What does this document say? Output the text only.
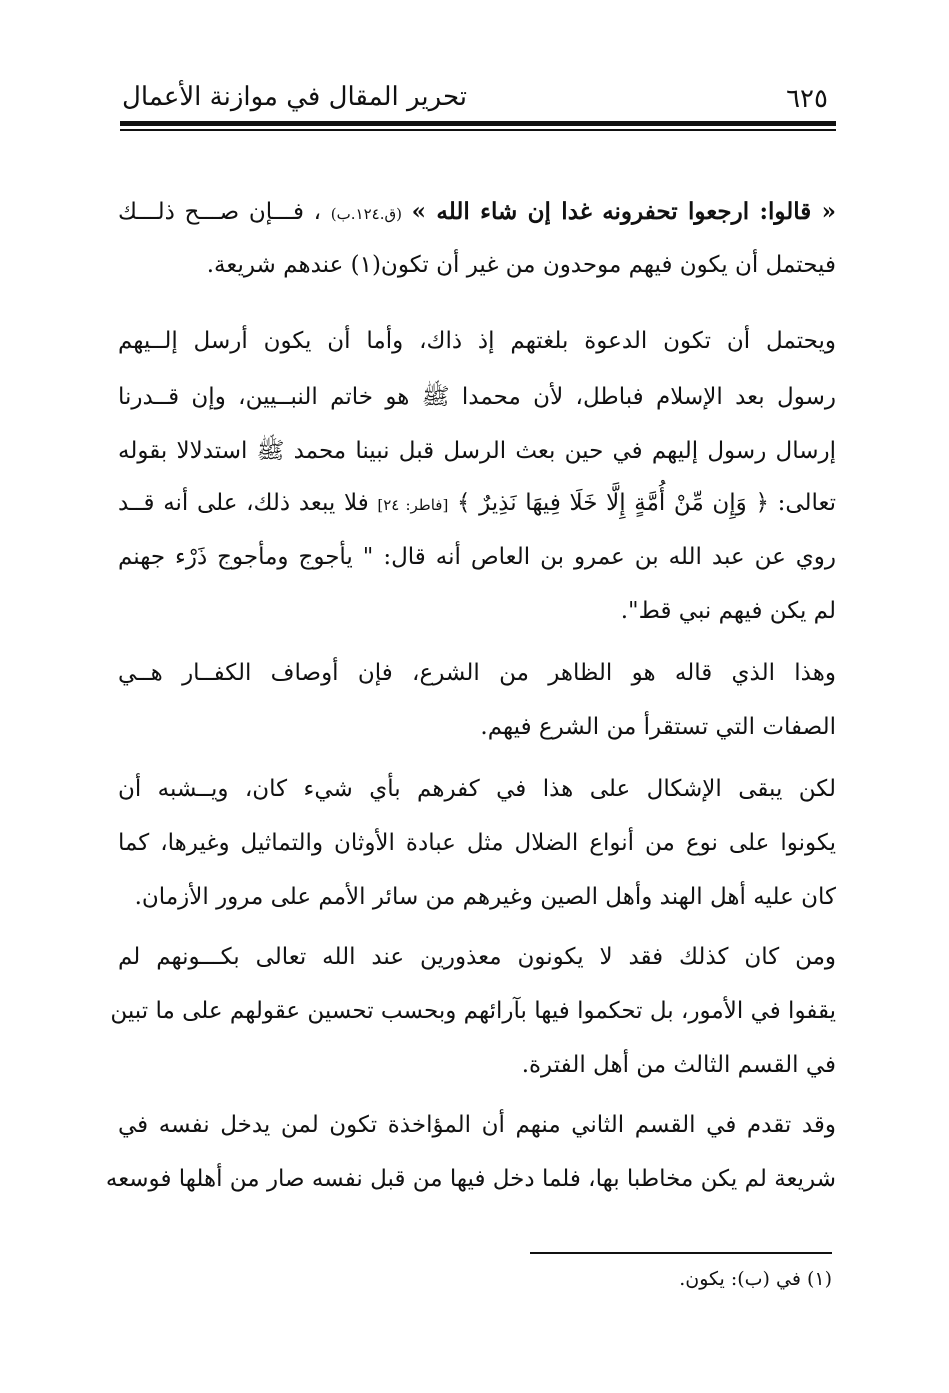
٦٢٥
تحرير المقال في موازنة الأعمال
« قالوا: ارجعوا تحفرونه غدا إن شاء الله » (ق.١٢٤.ب) ، فـــإن صـــح ذلـــك
فيحتمل أن يكون فيهم موحدون من غير أن تكون(١) عندهم شريعة.
ويحتمل أن تكون الدعوة بلغتهم إذ ذاك، وأما أن يكون أرسل إلــيهم
رسول بعد الإسلام فباطل، لأن محمدا ﷺ هو خاتم النبــيين، وإن قــدرنا
إرسال رسول إليهم في حين بعث الرسل قبل نبينا محمد ﷺ استدلالا بقوله
تعالى: ﴿ وَإِن مِّنْ أُمَّةٍ إِلَّا خَلَا فِيهَا نَذِيرٌ ﴾ [فاطر: ٢٤] فلا يبعد ذلك، على أنه قــد
روي عن عبد الله بن عمرو بن العاص أنه قال: " يأجوج ومأجوج ذَرْء جهنم
لم يكن فيهم نبي قط".
وهذا الذي قاله هو الظاهر من الشرع، فإن أوصاف الكفــار هــي
الصفات التي تستقرأ من الشرع فيهم.
لكن يبقى الإشكال على هذا في كفرهم بأي شيء كان، ويــشبه أن
يكونوا على نوع من أنواع الضلال مثل عبادة الأوثان والتماثيل وغيرها، كما
كان عليه أهل الهند وأهل الصين وغيرهم من سائر الأمم على مرور الأزمان.
ومن كان كذلك فقد لا يكونون معذورين عند الله تعالى بكـــونهم لم
يقفوا في الأمور، بل تحكموا فيها بآرائهم وبحسب تحسين عقولهم على ما تبين
في القسم الثالث من أهل الفترة.
وقد تقدم في القسم الثاني منهم أن المؤاخذة تكون لمن يدخل نفسه في
شريعة لم يكن مخاطبا بها، فلما دخل فيها من قبل نفسه صار من أهلها فوسعه
(١) في (ب): يكون.
